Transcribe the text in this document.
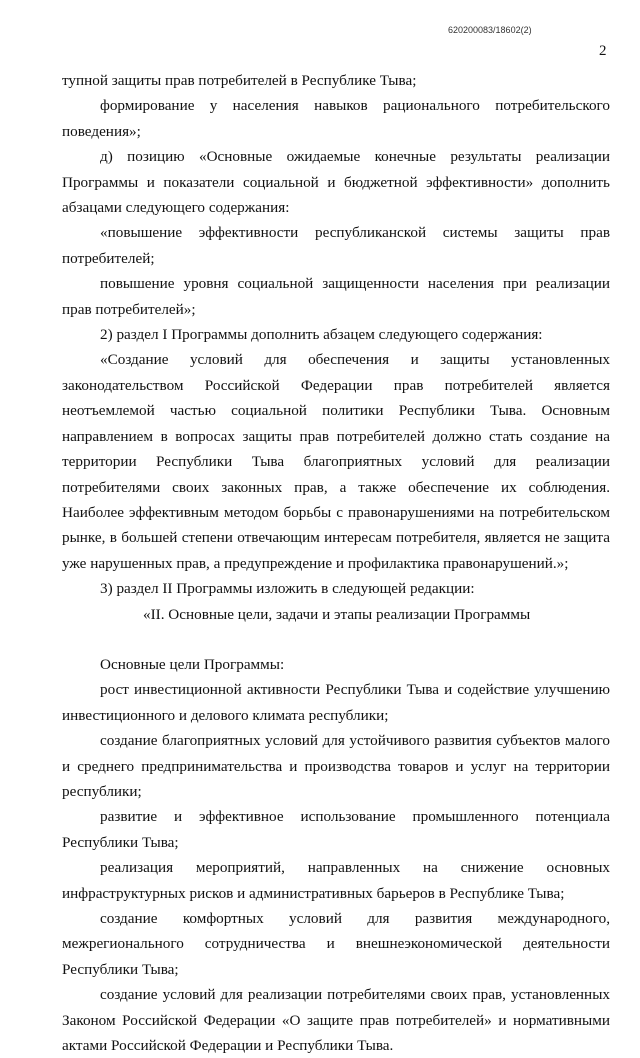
620200083/18602(2)
2

тупной защиты прав потребителей в Республике Тыва;

формирование у населения навыков рационального потребительского поведения»;

д) позицию «Основные ожидаемые конечные результаты реализации Программы и показатели социальной и бюджетной эффективности» дополнить абзацами следующего содержания:

«повышение эффективности республиканской системы защиты прав потребителей;

повышение уровня социальной защищенности населения при реализации прав потребителей»;

2) раздел I Программы дополнить абзацем следующего содержания:

«Создание условий для обеспечения и защиты установленных законодательством Российской Федерации прав потребителей является неотъемлемой частью социальной политики Республики Тыва. Основным направлением в вопросах защиты прав потребителей должно стать создание на территории Республики Тыва благоприятных условий для реализации потребителями своих законных прав, а также обеспечение их соблюдения. Наиболее эффективным методом борьбы с правонарушениями на потребительском рынке, в большей степени отвечающим интересам потребителя, является не защита уже нарушенных прав, а предупреждение и профилактика правонарушений.»;

3) раздел II Программы изложить в следующей редакции:

«II. Основные цели, задачи и этапы реализации Программы

Основные цели Программы:

рост инвестиционной активности Республики Тыва и содействие улучшению инвестиционного и делового климата республики;

создание благоприятных условий для устойчивого развития субъектов малого и среднего предпринимательства и производства товаров и услуг на территории республики;

развитие и эффективное использование промышленного потенциала Республики Тыва;

реализация мероприятий, направленных на снижение основных инфраструктурных рисков и административных барьеров в Республике Тыва;

создание комфортных условий для развития международного, межрегионального сотрудничества и внешнеэкономической деятельности Республики Тыва;

создание условий для реализации потребителями своих прав, установленных Законом Российской Федерации «О защите прав потребителей» и нормативными актами Российской Федерации и Республики Тыва.
